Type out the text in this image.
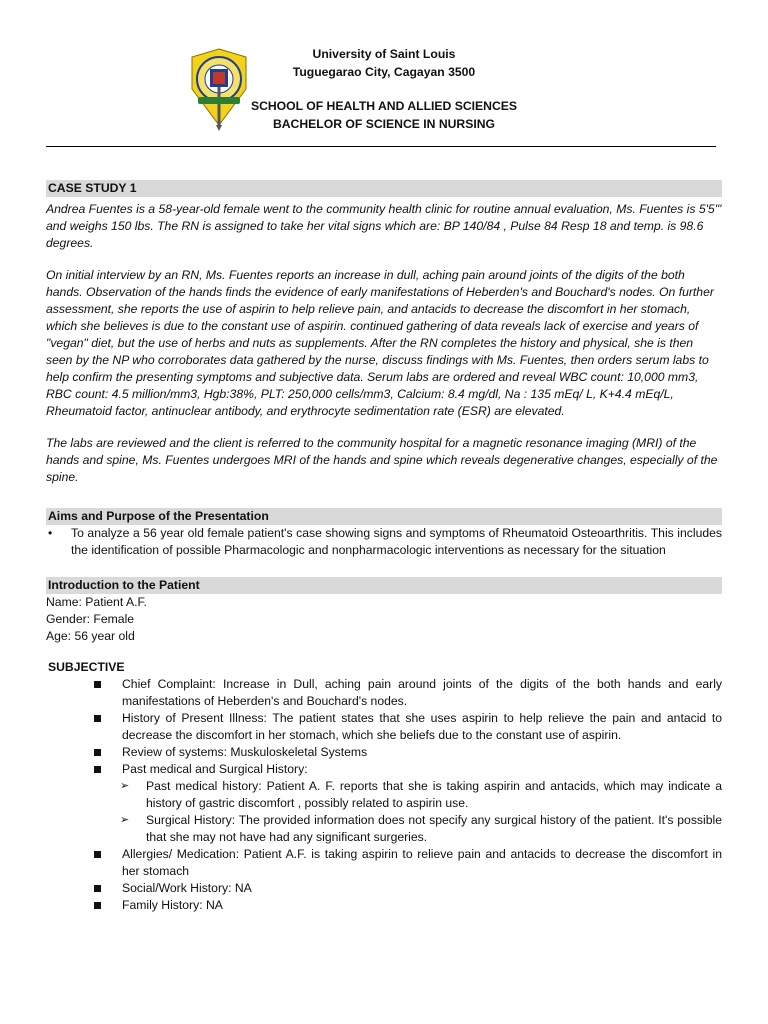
University of Saint Louis
Tuguegarao City, Cagayan 3500
SCHOOL OF HEALTH AND ALLIED SCIENCES
BACHELOR OF SCIENCE IN NURSING
CASE STUDY 1

Andrea Fuentes is a 58-year-old female went to the community health clinic for routine annual evaluation, Ms. Fuentes is 5'5'" and weighs 150 lbs. The RN is assigned to take her vital signs which are: BP 140/84 , Pulse 84 Resp 18 and temp. is 98.6 degrees.

On initial interview by an RN, Ms. Fuentes reports an increase in dull, aching pain around joints of the digits of the both hands. Observation of the hands finds the evidence of early manifestations of Heberden's and Bouchard's nodes. On further assessment, she reports the use of aspirin to help relieve pain, and antacids to decrease the discomfort in her stomach, which she believes is due to the constant use of aspirin. continued gathering of data reveals lack of exercise and years of "vegan" diet, but the use of herbs and nuts as supplements. After the RN completes the history and physical, she is then seen by the NP who corroborates data gathered by the nurse, discuss findings with Ms. Fuentes, then orders serum labs to help confirm the presenting symptoms and subjective data. Serum labs are ordered and reveal WBC count: 10,000 mm3, RBC count: 4.5 million/mm3, Hgb:38%, PLT: 250,000 cells/mm3, Calcium: 8.4 mg/dl, Na : 135 mEq/ L, K+4.4 mEq/L, Rheumatoid factor, antinuclear antibody, and erythrocyte sedimentation rate (ESR) are elevated.

The labs are reviewed and the client is referred to the community hospital for a magnetic resonance imaging (MRI) of the hands and spine, Ms. Fuentes undergoes MRI of the hands and spine which reveals degenerative changes, especially of the spine.

Aims and Purpose of the Presentation
• To analyze a 56 year old female patient's case showing signs and symptoms of Rheumatoid Osteoarthritis. This includes the identification of possible Pharmacologic and nonpharmacologic interventions as necessary for the situation
Introduction to the Patient

Name: Patient A.F.

Gender: Female

Age: 56 year old

SUBJECTIVE
Chief Complaint: Increase in Dull, aching pain around joints of the digits of the both hands and early manifestations of Heberden's and Bouchard's nodes.
History of Present Illness: The patient states that she uses aspirin to help relieve the pain and antacid to decrease the discomfort in her stomach, which she beliefs due to the constant use of aspirin.
Review of systems: Muskuloskeletal Systems
Past medical and Surgical History:
➢ Past medical history: Patient A. F. reports that she is taking aspirin and antacids, which may indicate a history of gastric discomfort , possibly related to aspirin use.
➢ Surgical History: The provided information does not specify any surgical history of the patient. It's possible that she may not have had any significant surgeries.
Allergies/ Medication: Patient A.F. is taking aspirin to relieve pain and antacids to decrease the discomfort in her stomach
Social/Work History: NA
Family History: NA
